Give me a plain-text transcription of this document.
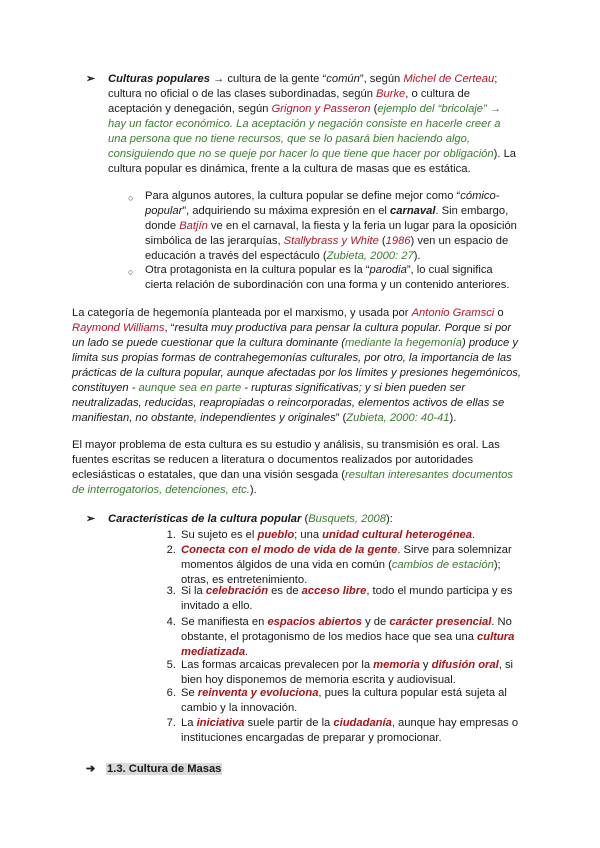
➢ Culturas populares → cultura de la gente “común”, según Michel de Certeau; cultura no oficial o de las clases subordinadas, según Burke, o cultura de aceptación y denegación, según Grignon y Passeron (ejemplo del “bricolaje” → hay un factor económico. La aceptación y negación consiste en hacerle creer a una persona que no tiene recursos, que se lo pasará bien haciendo algo, consiguiendo que no se queje por hacer lo que tiene que hacer por obligación). La cultura popular es dinámica, frente a la cultura de masas que es estática.
○ Para algunos autores, la cultura popular se define mejor como “cómico-popular”, adquiriendo su máxima expresión en el carnaval. Sin embargo, donde Batjín ve en el carnaval, la fiesta y la feria un lugar para la oposición simbólica de las jerarquías, Stallybrass y White (1986) ven un espacio de educación a través del espectáculo (Zubieta, 2000: 27).
○ Otra protagonista en la cultura popular es la “parodia”, lo cual significa cierta relación de subordinación con una forma y un contenido anteriores.
La categoría de hegemonía planteada por el marxismo, y usada por Antonio Gramsci o Raymond Williams, “resulta muy productiva para pensar la cultura popular. Porque si por un lado se puede cuestionar que la cultura dominante (mediante la hegemonía) produce y limita sus propias formas de contrahegemonías culturales, por otro, la importancia de las prácticas de la cultura popular, aunque afectadas por los límites y presiones hegemónicos, constituyen - aunque sea en parte - rupturas significativas; y si bien pueden ser neutralizadas, reducidas, reapropiadas o reincorporadas, elementos activos de ellas se manifiestan, no obstante, independientes y originales” (Zubieta, 2000: 40-41).
El mayor problema de esta cultura es su estudio y análisis, su transmisión es oral. Las fuentes escritas se reducen a literatura o documentos realizados por autoridades eclesiásticas o estatales, que dan una visión sesgada (resultan interesantes documentos de interrogatorios, detenciones, etc.).
➢ Características de la cultura popular (Busquets, 2008):
1. Su sujeto es el pueblo; una unidad cultural heterogénea.
2. Conecta con el modo de vida de la gente. Sirve para solemnizar momentos álgidos de una vida en común (cambios de estación); otras, es entretenimiento.
3. Si la celebración es de acceso libre, todo el mundo participa y es invitado a ello.
4. Se manifiesta en espacios abiertos y de carácter presencial. No obstante, el protagonismo de los medios hace que sea una cultura mediatizada.
5. Las formas arcaicas prevalecen por la memoria y difusión oral, si bien hoy disponemos de memoria escrita y audiovisual.
6. Se reinventa y evoluciona, pues la cultura popular está sujeta al cambio y la innovación.
7. La iniciativa suele partir de la ciudadanía, aunque hay empresas o instituciones encargadas de preparar y promocionar.
➔ 1.3. Cultura de Masas
